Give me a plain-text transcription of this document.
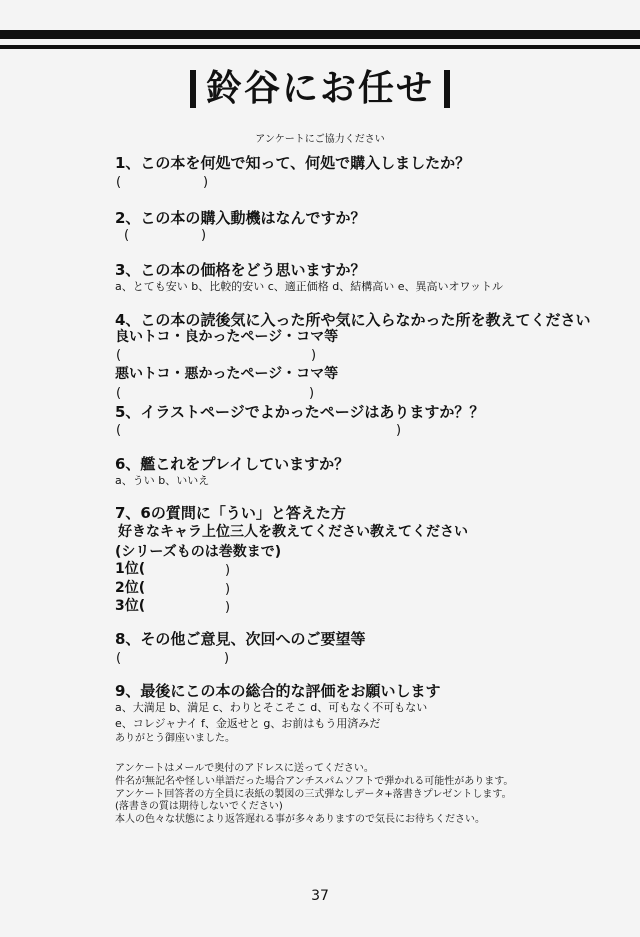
鈴谷にお任せ
アンケートにご協力ください
1、この本を何処で知って、何処で購入しましたか？
(	)
2、この本の購入動機はなんですか？
(	)
3、この本の価格をどう思いますか？
a、とても安い b、比較的安い c、適正価格 d、結構高い e、異高いオワットル
4、この本の読後気に入った所や気に入らなかった所を教えてください
良いトコ・良かったページ・コマ等
(	)
悪いトコ・悪かったページ・コマ等
(	)
5、イラストページでよかったページはありますか？？
(	)
6、艦これをプレイしていますか？
a、うい b、いいえ
7、6の質問に「うい」と答えた方
好きなキャラ上位三人を教えてください教えてください
(シリーズものは巻数まで)
1位(	)
2位(	)
3位(	)
8、その他ご意見、次回へのご要望等
(	)
9、最後にこの本の総合的な評価をお願いします
a、大満足 b、満足 c、わりとそこそこ d、可もなく不可もない
e、コレジャナイ f、金返せと g、お前はもう用済みだ
ありがとう御座いました。
アンケートはメールで奥付のアドレスに送ってください。
件名が無記名や怪しい単語だった場合アンチスパムソフトで弾かれる可能性があります。
アンケート回答者の方全員に表紙の製図の三式弾なしデータ+落書きプレゼントします。
(落書きの質は期待しないでください)
本人の色々な状態により返答遅れる事が多々ありますので気長にお待ちください。
37
